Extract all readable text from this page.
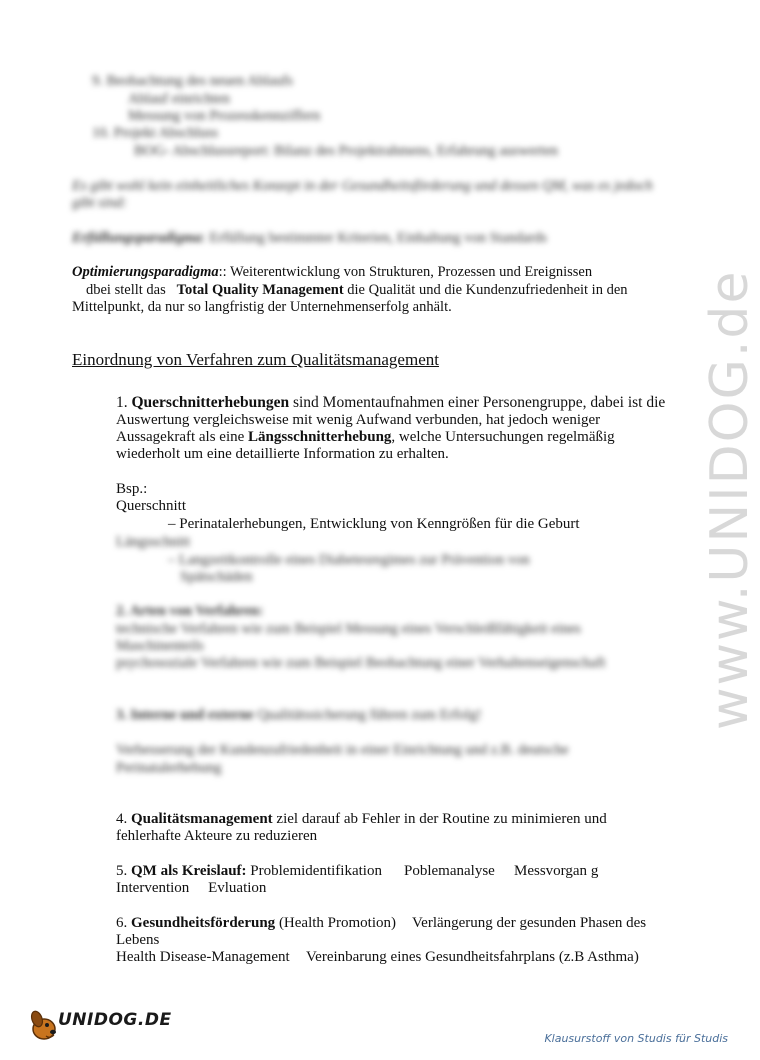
www.UNIDOG.de
9. Beobachtung des neuen Ablaufs
Ablauf einrichten
Messung von Prozesskennziffern
10. Projekt Abschluss
BOG- Abschlussreport: Bilanz des Projektrahmens, Erfahrung auswerten
Es gibt wohl kein einheitliches Konzept in der Gesundheitsförderung und dessen QM, was es jedoch
gibt sind:
Erfüllungsparadigma: Erfüllung bestimmter Kriterien, Einhaltung von Standards
Optimierungsparadigma:: Weiterentwicklung von Strukturen, Prozessen und Ereignissen
dbei stellt das Total Quality Management die Qualität und die Kundenzufriedenheit in den
Mittelpunkt, da nur so langfristig der Unternehmenserfolg anhält.
Einordnung von Verfahren zum Qualitätsmanagement
1. Querschnitterhebungen sind Momentaufnahmen einer Personengruppe, dabei ist die
Auswertung vergleichsweise mit wenig Aufwand verbunden, hat jedoch weniger
Aussagekraft als eine Längsschnitterhebung, welche Untersuchungen regelmäßig
wiederholt um eine detaillierte Information zu erhalten.
Bsp.:
Querschnitt
– Perinatalerhebungen, Entwicklung von Kenngrößen für die Geburt
Längsschnitt
– Langzeitkontrolle eines Diabetesregimes zur Prävention von
Spätschäden
2. Arten von Verfahren:
technische Verfahren wie zum Beispiel Messung eines Verschleißfähigkeit eines
Maschinenteils
psychosoziale Verfahren wie zum Beispiel Beobachtung einer Verhaltenseigenschaft
3. Interne und externe Qualitätssicherung führen zum Erfolg!
Verbesserung der Kundenzufriedenheit in einer Einrichtung und z.B. deutsche
Perinatalerhebung
4. Qualitätsmanagement ziel darauf ab Fehler in der Routine zu minimieren und
fehlerhafte Akteure zu reduzieren
5. QM als Kreislauf: Problemidentifikation Poblemanalyse Messvorgan g
Intervention Evluation
6. Gesundheitsförderung (Health Promotion) Verlängerung der gesunden Phasen des
Lebens
Health Disease-Management Vereinbarung eines Gesundheitsfahrplans (z.B Asthma)
UNIDOG.DE
Klausurstoff von Studis für Studis
